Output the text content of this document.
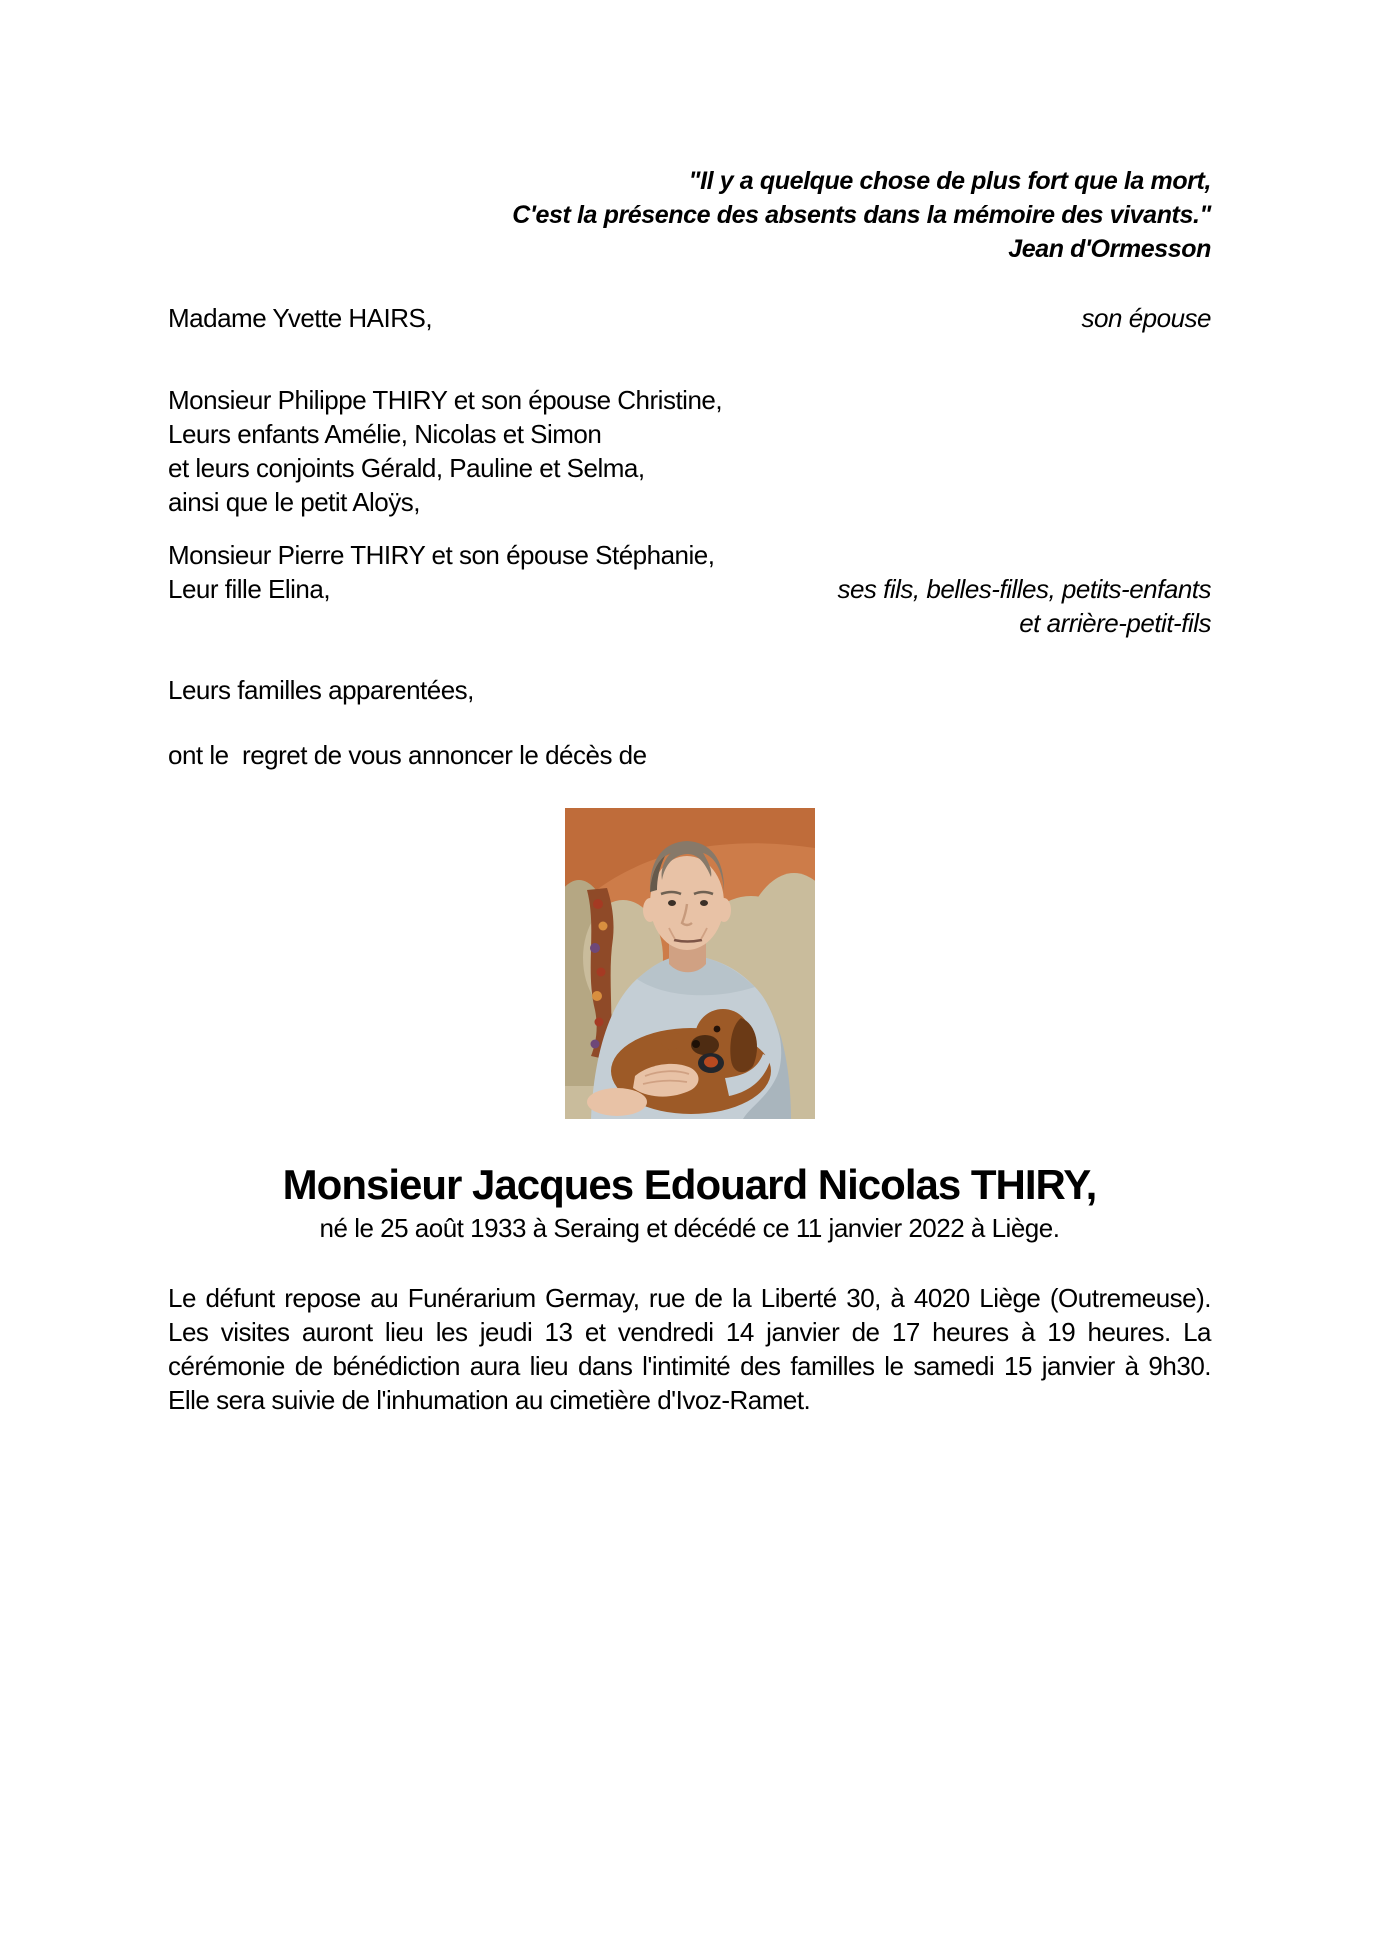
"Il y a quelque chose de plus fort que la mort,
C'est la présence des absents dans la mémoire des vivants."
Jean d'Ormesson
Madame Yvette HAIRS,	son épouse
Monsieur Philippe THIRY et son épouse Christine,
Leurs enfants Amélie, Nicolas et Simon
et leurs conjoints Gérald, Pauline et Selma,
ainsi que le petit Aloÿs,
Monsieur Pierre THIRY et son épouse Stéphanie,
Leur fille Elina,	ses fils, belles-filles, petits-enfants
et arrière-petit-fils
Leurs familles apparentées,
ont le  regret de vous annoncer le décès de
Monsieur Jacques Edouard Nicolas THIRY,
né le 25 août 1933 à Seraing et décédé ce 11 janvier 2022 à Liège.
Le défunt repose au Funérarium Germay, rue de la Liberté 30, à 4020 Liège (Outremeuse). Les visites auront lieu les jeudi 13 et vendredi 14 janvier de 17 heures à 19 heures. La cérémonie de bénédiction aura lieu dans l'intimité des familles le samedi 15 janvier à 9h30. Elle sera suivie de l'inhumation au cimetière d'Ivoz-Ramet.
